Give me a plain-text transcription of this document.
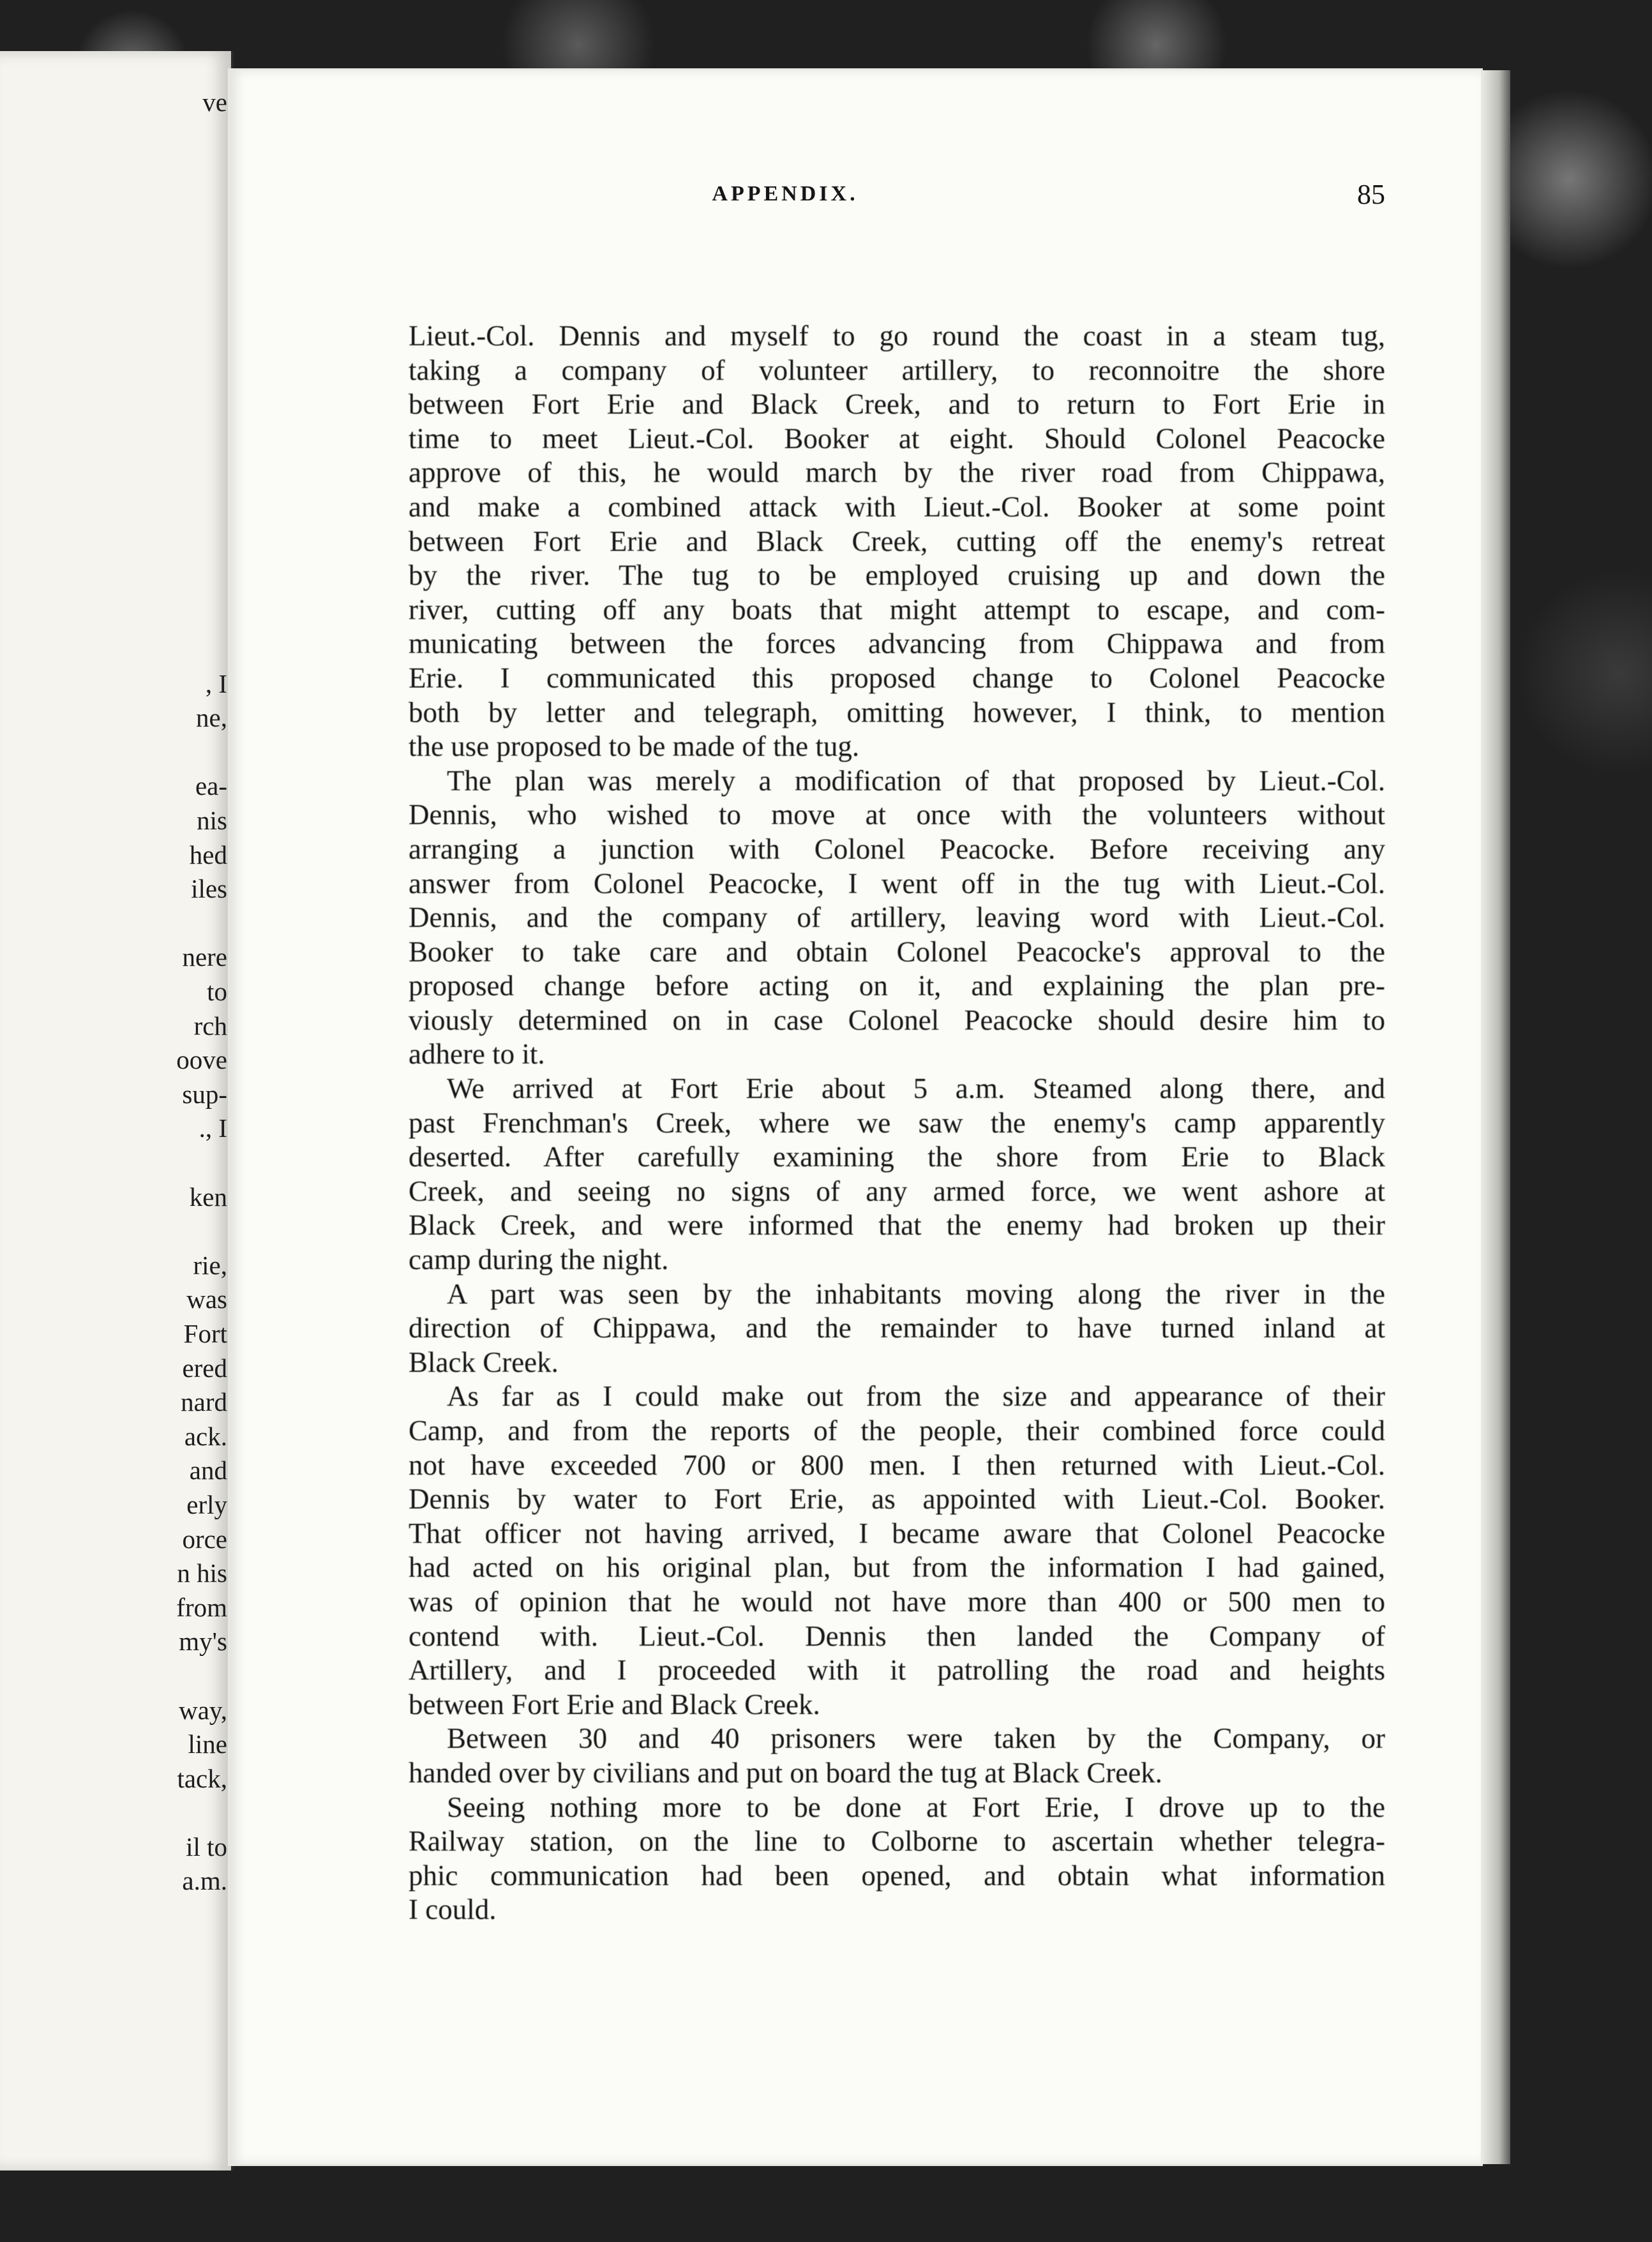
ve
, I
ne,
ea-
nis
hed
iles
nere
to
rch
oove
sup-
., I
ken
rie,
was
Fort
ered
nard
ack.
and
erly
orce
n his
from
my's
way,
line
tack,
il to
a.m.
APPENDIX.	85
Lieut.-Col. Dennis and myself to go round the coast in a steam tug,
taking a company of volunteer artillery, to reconnoitre the shore
between Fort Erie and Black Creek, and to return to Fort Erie in
time to meet Lieut.-Col. Booker at eight. Should Colonel Peacocke
approve of this, he would march by the river road from Chippawa,
and make a combined attack with Lieut.-Col. Booker at some point
between Fort Erie and Black Creek, cutting off the enemy's retreat
by the river. The tug to be employed cruising up and down the
river, cutting off any boats that might attempt to escape, and com-
municating between the forces advancing from Chippawa and from
Erie. I communicated this proposed change to Colonel Peacocke
both by letter and telegraph, omitting however, I think, to mention
the use proposed to be made of the tug.
The plan was merely a modification of that proposed by Lieut.-Col.
Dennis, who wished to move at once with the volunteers without
arranging a junction with Colonel Peacocke. Before receiving any
answer from Colonel Peacocke, I went off in the tug with Lieut.-Col.
Dennis, and the company of artillery, leaving word with Lieut.-Col.
Booker to take care and obtain Colonel Peacocke's approval to the
proposed change before acting on it, and explaining the plan pre-
viously determined on in case Colonel Peacocke should desire him to
adhere to it.
We arrived at Fort Erie about 5 a.m. Steamed along there, and
past Frenchman's Creek, where we saw the enemy's camp apparently
deserted. After carefully examining the shore from Erie to Black
Creek, and seeing no signs of any armed force, we went ashore at
Black Creek, and were informed that the enemy had broken up their
camp during the night.
A part was seen by the inhabitants moving along the river in the
direction of Chippawa, and the remainder to have turned inland at
Black Creek.
As far as I could make out from the size and appearance of their
Camp, and from the reports of the people, their combined force could
not have exceeded 700 or 800 men. I then returned with Lieut.-Col.
Dennis by water to Fort Erie, as appointed with Lieut.-Col. Booker.
That officer not having arrived, I became aware that Colonel Peacocke
had acted on his original plan, but from the information I had gained,
was of opinion that he would not have more than 400 or 500 men to
contend with. Lieut.-Col. Dennis then landed the Company of
Artillery, and I proceeded with it patrolling the road and heights
between Fort Erie and Black Creek.
Between 30 and 40 prisoners were taken by the Company, or
handed over by civilians and put on board the tug at Black Creek.
Seeing nothing more to be done at Fort Erie, I drove up to the
Railway station, on the line to Colborne to ascertain whether telegra-
phic communication had been opened, and obtain what information
I could.
